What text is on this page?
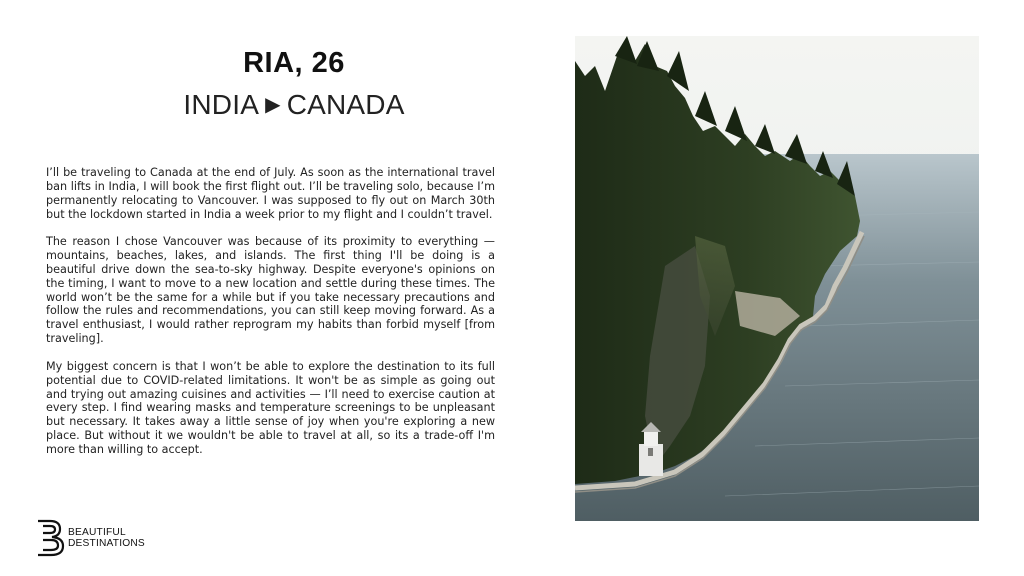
RIA, 26
INDIA ▶ CANADA

I’ll be traveling to Canada at the end of July. As soon as the international travel ban lifts in India, I will book the first flight out. I’ll be traveling solo, because I’m permanently relocating to Vancouver. I was supposed to fly out on March 30th but the lockdown started in India a week prior to my flight and I couldn’t travel.

The reason I chose Vancouver was because of its proximity to everything — mountains, beaches, lakes, and islands. The first thing I'll be doing is a beautiful drive down the sea-to-sky highway. Despite everyone's opinions on the timing, I want to move to a new location and settle during these times. The world won’t be the same for a while but if you take necessary precautions and follow the rules and recommendations, you can still keep moving forward. As a travel enthusiast, I would rather reprogram my habits than forbid myself [from traveling].

My biggest concern is that I won’t be able to explore the destination to its full potential due to COVID-related limitations. It won't be as simple as going out and trying out amazing cuisines and activities — I’ll need to exercise caution at every step. I find wearing masks and temperature screenings to be unpleasant but necessary. It takes away a little sense of joy when you're exploring a new place. But without it we wouldn't be able to travel at all, so its a trade-off I'm more than willing to accept.

BEAUTIFUL
DESTINATIONS
